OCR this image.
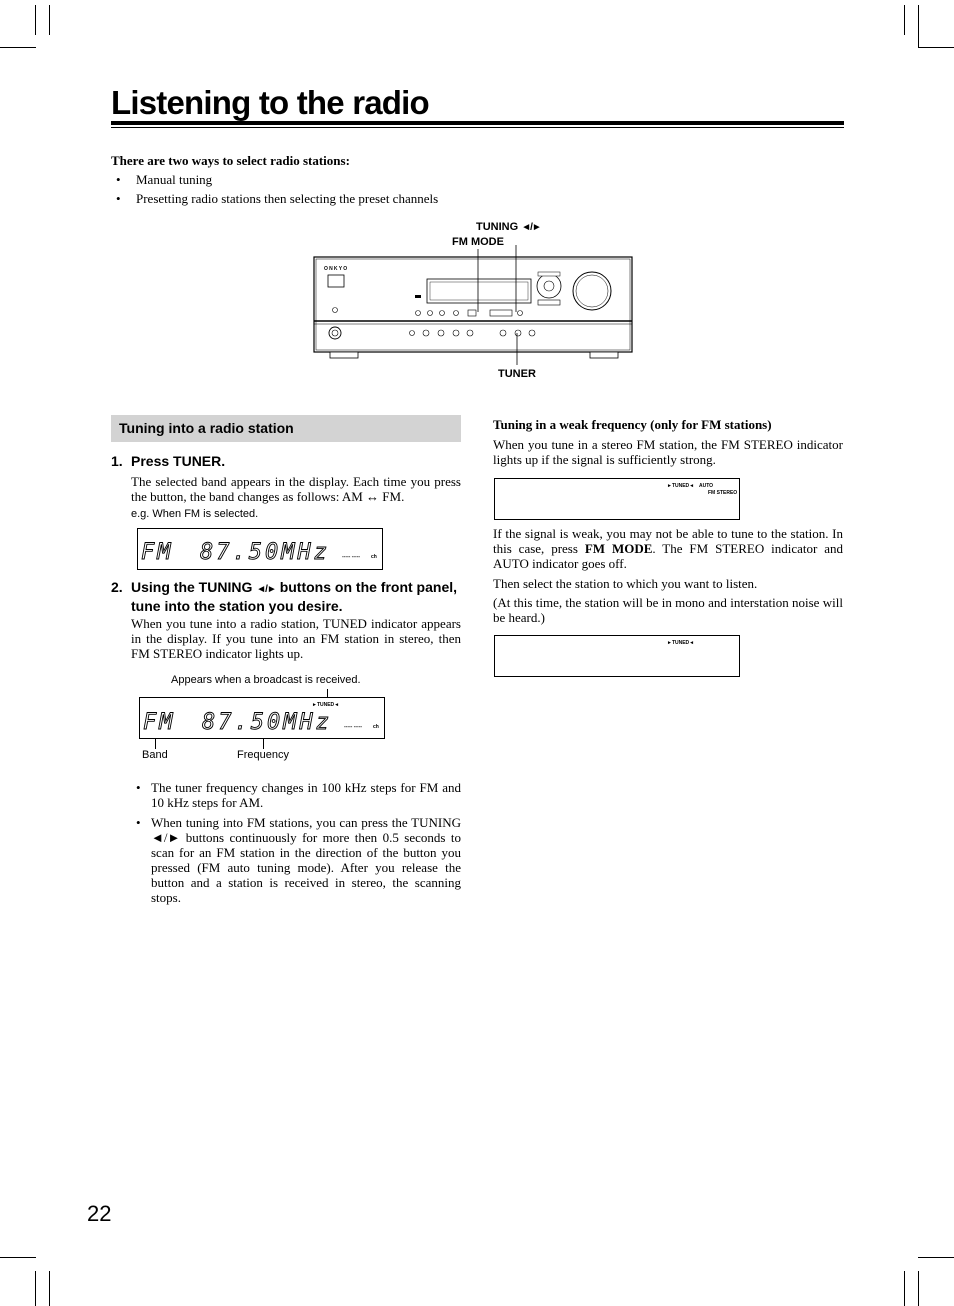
Listening to the radio
There are two ways to select radio stations:
• Manual tuning
• Presetting radio stations then selecting the preset channels
TUNING ◄/►
FM MODE
TUNER
ONKYO
Tuning into a radio station
1. Press TUNER.

The selected band appears in the display. Each time you press the button, the band changes as follows: AM ↔ FM.

e.g. When FM is selected.
FM 87.50MHz ----- ----- ch
2. Using the TUNING ◄/► buttons on the front panel, tune into the station you desire.

When you tune into a radio station, TUNED indicator appears in the display. If you tune into an FM station in stereo, then FM STEREO indicator lights up.

Appears when a broadcast is received.
►TUNED◄
FM 87.50MHz ----- ----- ch
Band	Frequency
• The tuner frequency changes in 100 kHz steps for FM and 10 kHz steps for AM.

• When tuning into FM stations, you can press the TUNING ◄/► buttons continuously for more then 0.5 seconds to scan for an FM station in the direction of the button you pressed (FM auto tuning mode). After you release the button and a station is received in stereo, the scanning stops.

Tuning in a weak frequency (only for FM stations)

When you tune in a stereo FM station, the FM STEREO indicator lights up if the signal is sufficiently strong.

►TUNED◄ AUTO
FM STEREO

If the signal is weak, you may not be able to tune to the station. In this case, press FM MODE. The FM STEREO indicator and AUTO indicator goes off.

Then select the station to which you want to listen.

(At this time, the station will be in mono and interstation noise will be heard.)

►TUNED◄
22
